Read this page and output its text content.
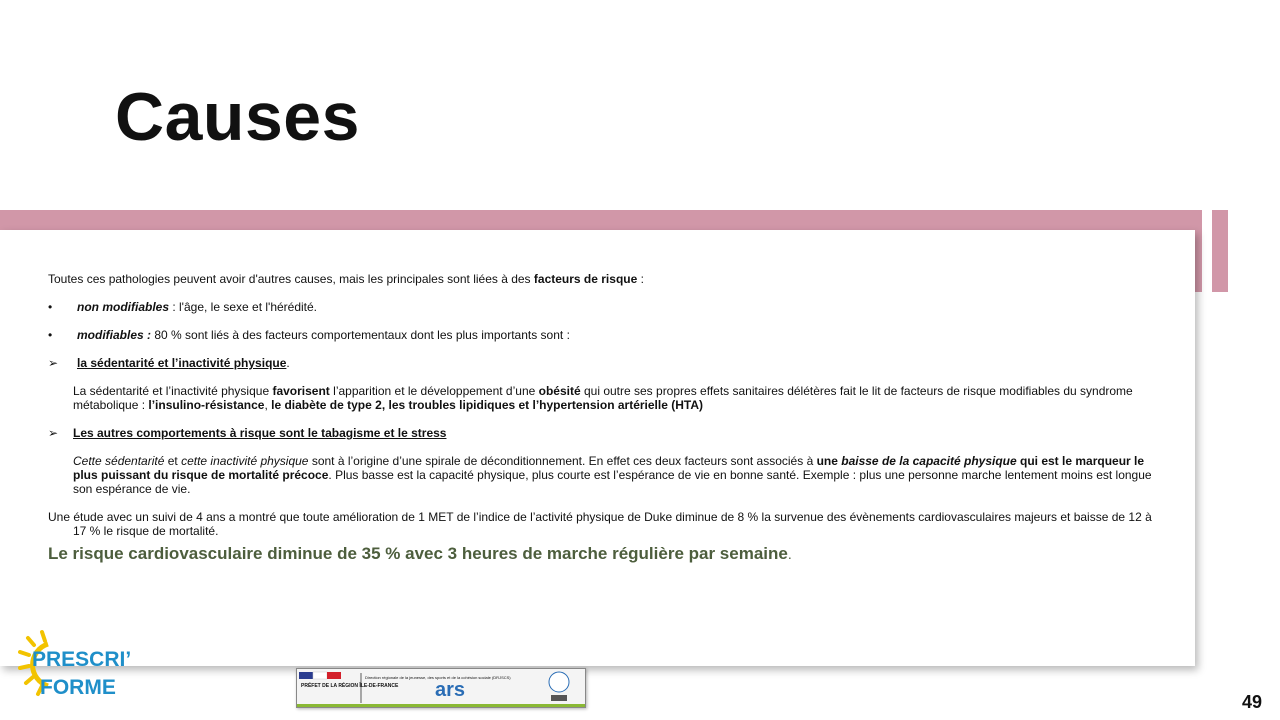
Causes

Toutes ces pathologies peuvent avoir d'autres causes, mais les principales sont liées à des facteurs de risque :

• non modifiables : l'âge, le sexe et l'hérédité.

• modifiables : 80 % sont liés à des facteurs comportementaux dont les plus importants sont :

➢ la sédentarité et l’inactivité physique.

La sédentarité et l’inactivité physique favorisent l’apparition et le développement d’une obésité qui outre ses propres effets sanitaires délétères fait le lit de facteurs de risque modifiables du syndrome métabolique : l’insulino-résistance, le diabète de type 2, les troubles lipidiques et l’hypertension artérielle (HTA)

➢ Les autres comportements à risque sont le tabagisme et le stress

Cette sédentarité et cette inactivité physique sont à l’origine d’une spirale de déconditionnement. En effet ces deux facteurs sont associés à une baisse de la capacité physique qui est le marqueur le plus puissant du risque de mortalité précoce. Plus basse est la capacité physique, plus courte est l’espérance de vie en bonne santé. Exemple : plus une personne marche lentement moins est longue son espérance de vie.

Une étude avec un suivi de 4 ans a montré que toute amélioration de 1 MET de l’indice de l’activité physique de Duke diminue de 8 % la survenue des évènements cardiovasculaires majeurs et baisse de 12 à 17 % le risque de mortalité.

Le risque cardiovasculaire diminue de 35 % avec 3 heures de marche régulière par semaine.

PRESCRI’
FORME	PRÉFET DE LA RÉGION ÎLE-DE-FRANCE
Direction régionale de la jeunesse, des sports et de la cohésion sociale (DRJSCS)
ars
49
